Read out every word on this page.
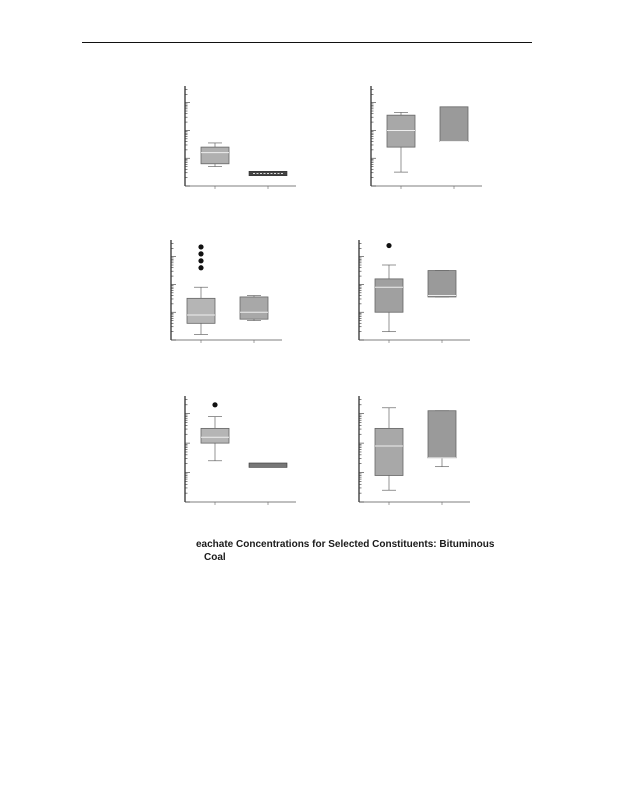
eachate Concentrations for Selected Constituents: Bituminous
Coal
